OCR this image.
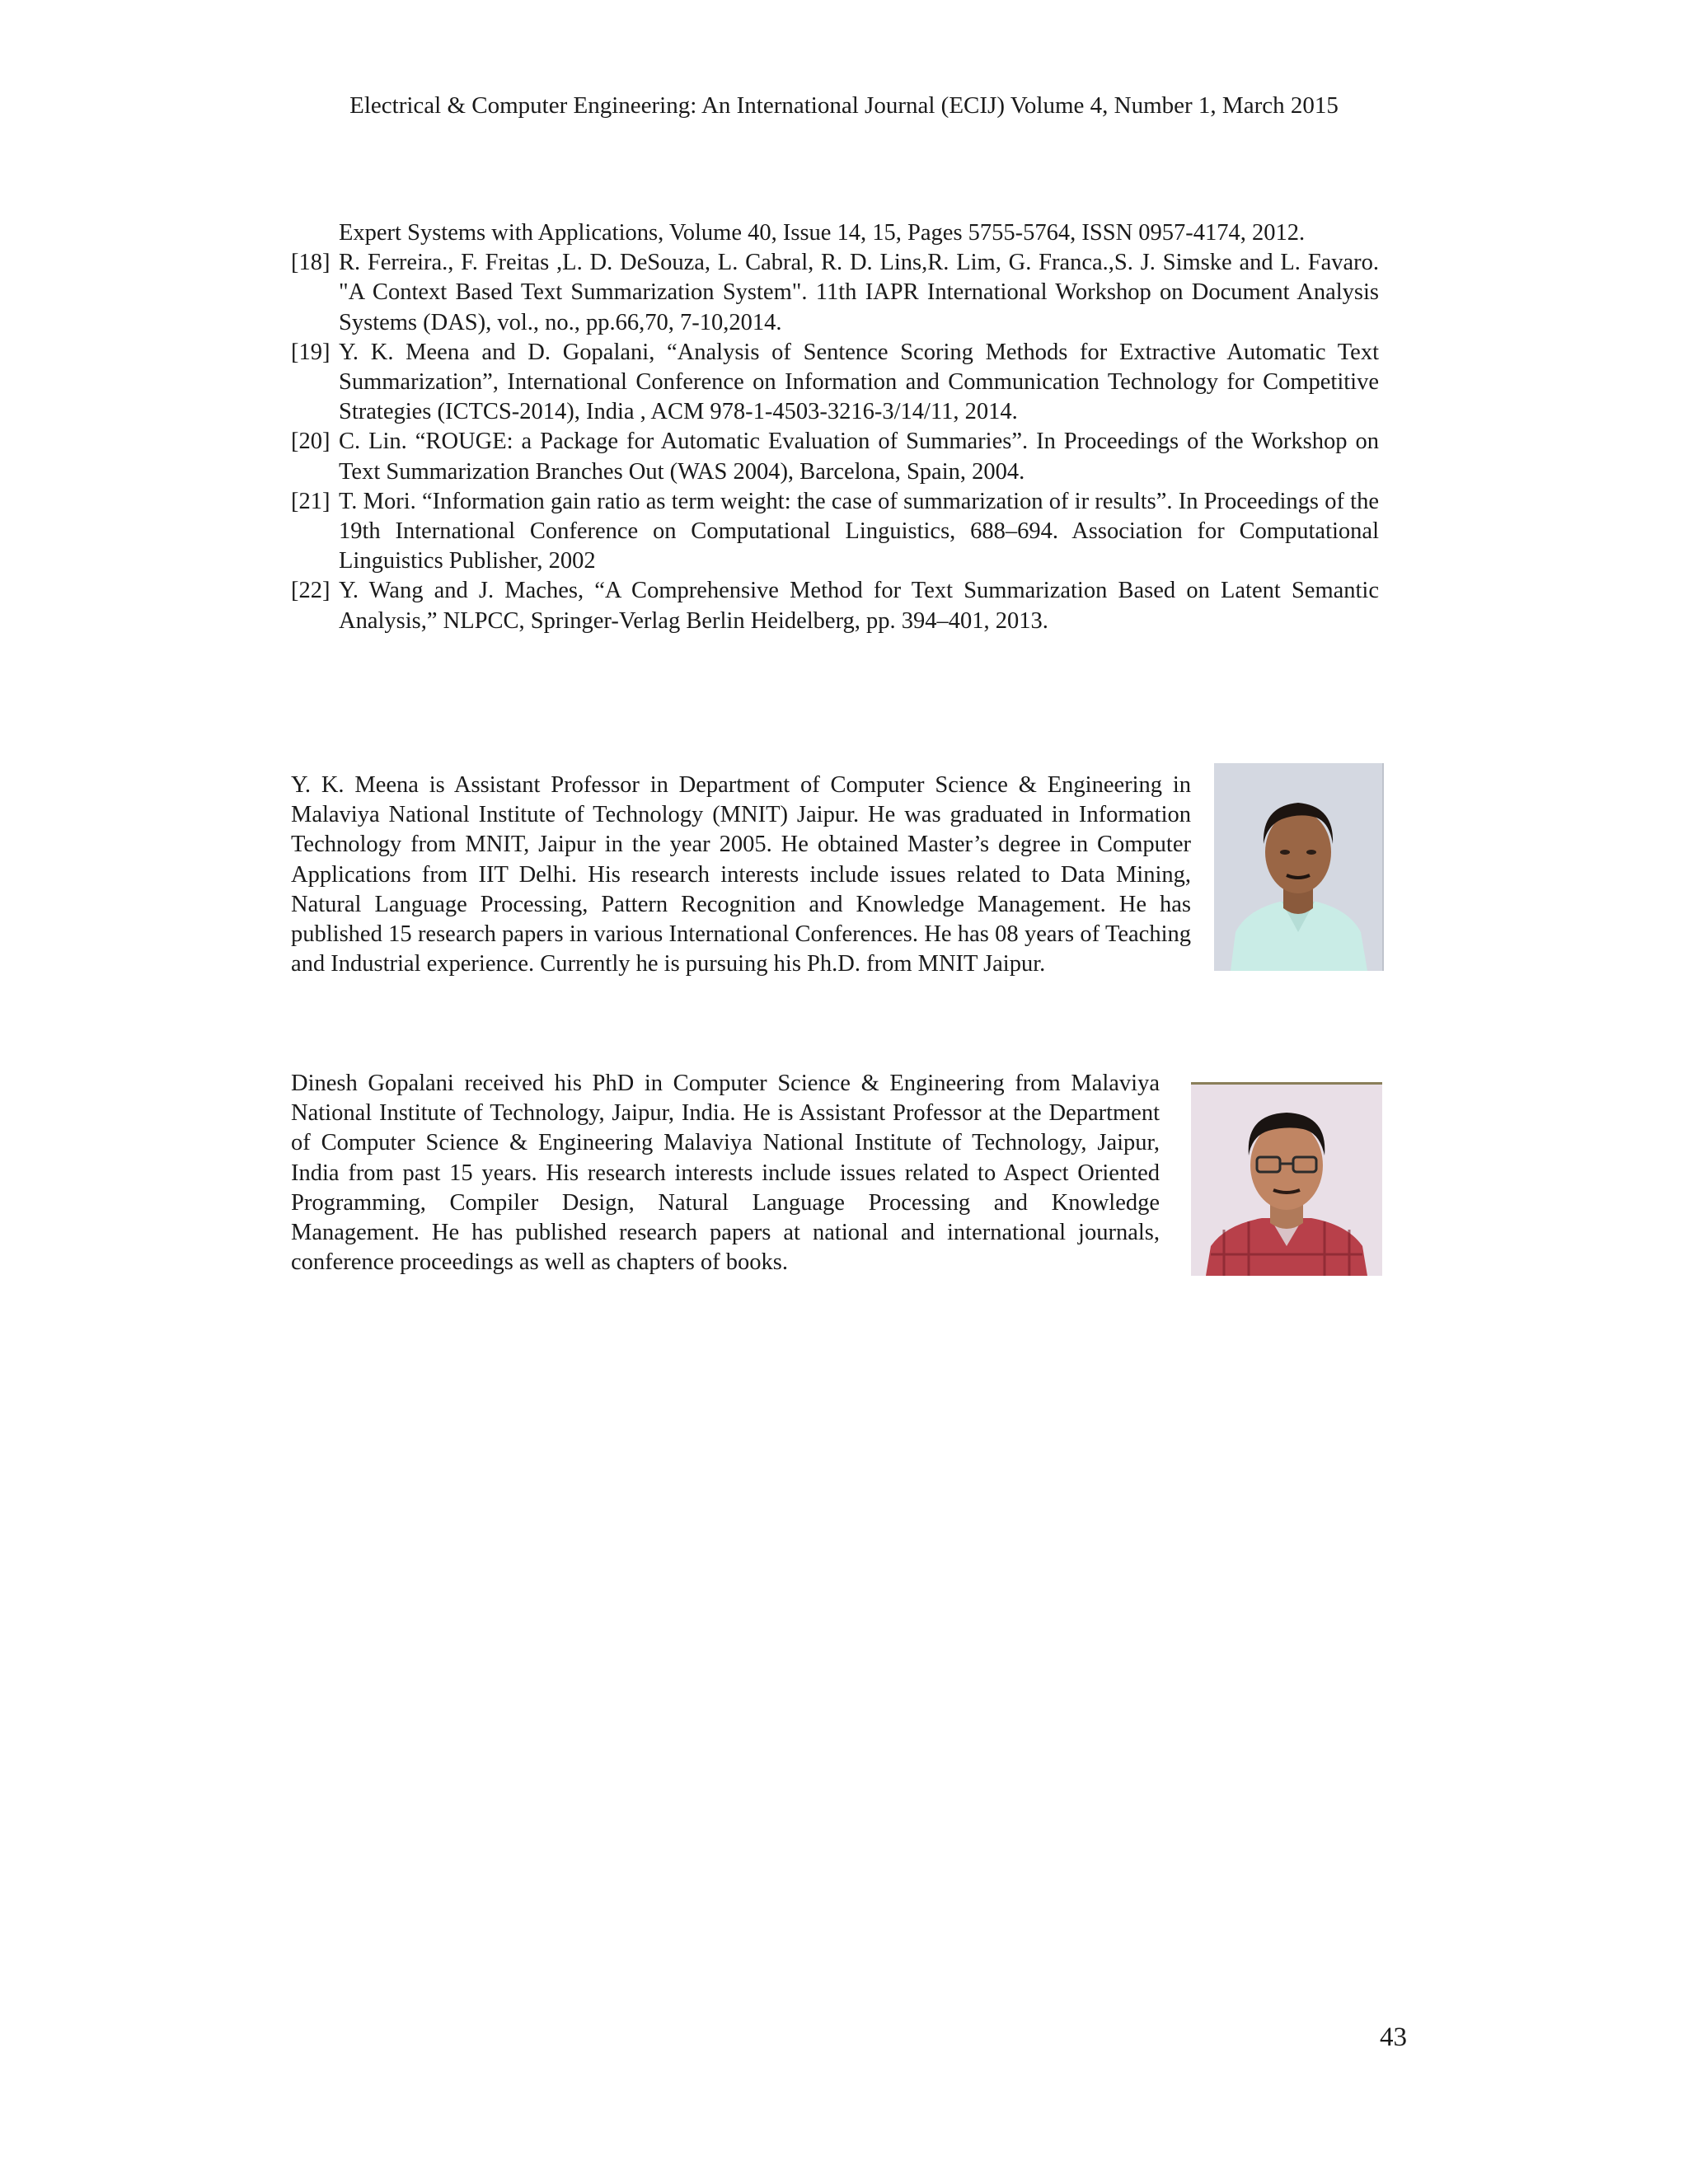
Electrical & Computer Engineering: An International Journal (ECIJ) Volume 4, Number 1, March 2015
Expert Systems with Applications, Volume 40, Issue 14, 15, Pages 5755-5764, ISSN 0957-4174, 2012.
[18] R. Ferreira., F. Freitas ,L. D. DeSouza, L. Cabral, R. D. Lins,R. Lim, G. Franca.,S. J. Simske and L. Favaro. "A Context Based Text Summarization System". 11th IAPR International Workshop on Document Analysis Systems (DAS), vol., no., pp.66,70, 7-10,2014.
[19] Y. K. Meena and D. Gopalani, “Analysis of Sentence Scoring Methods for Extractive Automatic Text Summarization”, International Conference on Information and Communication Technology for Competitive Strategies (ICTCS-2014), India , ACM 978-1-4503-3216-3/14/11, 2014.
[20] C. Lin. “ROUGE: a Package for Automatic Evaluation of Summaries”. In Proceedings of the Workshop on Text Summarization Branches Out (WAS 2004), Barcelona, Spain, 2004.
[21] T. Mori. “Information gain ratio as term weight: the case of summarization of ir results”. In Proceedings of the 19th International Conference on Computational Linguistics, 688–694. Association for Computational Linguistics Publisher, 2002
[22] Y. Wang and J. Maches, “A Comprehensive Method for Text Summarization Based on Latent Semantic Analysis,” NLPCC, Springer-Verlag Berlin Heidelberg, pp. 394–401, 2013.
Y. K. Meena is Assistant Professor in Department of Computer Science & Engineering in Malaviya National Institute of Technology (MNIT) Jaipur. He was graduated in Information Technology from MNIT, Jaipur in the year 2005. He obtained Master’s degree in Computer Applications from IIT Delhi. His research interests include issues related to Data Mining, Natural Language Processing, Pattern Recognition and Knowledge Management. He has published 15 research papers in various International Conferences. He has 08 years of Teaching and Industrial experience. Currently he is pursuing his Ph.D. from MNIT Jaipur.
Dinesh Gopalani received his PhD in Computer Science & Engineering from Malaviya National Institute of Technology, Jaipur, India. He is Assistant Professor at the Department of Computer Science & Engineering Malaviya National Institute of Technology, Jaipur, India from past 15 years. His research interests include issues related to Aspect Oriented Programming, Compiler Design, Natural Language Processing and Knowledge Management. He has published research papers at national and international journals, conference proceedings as well as chapters of books.
43
